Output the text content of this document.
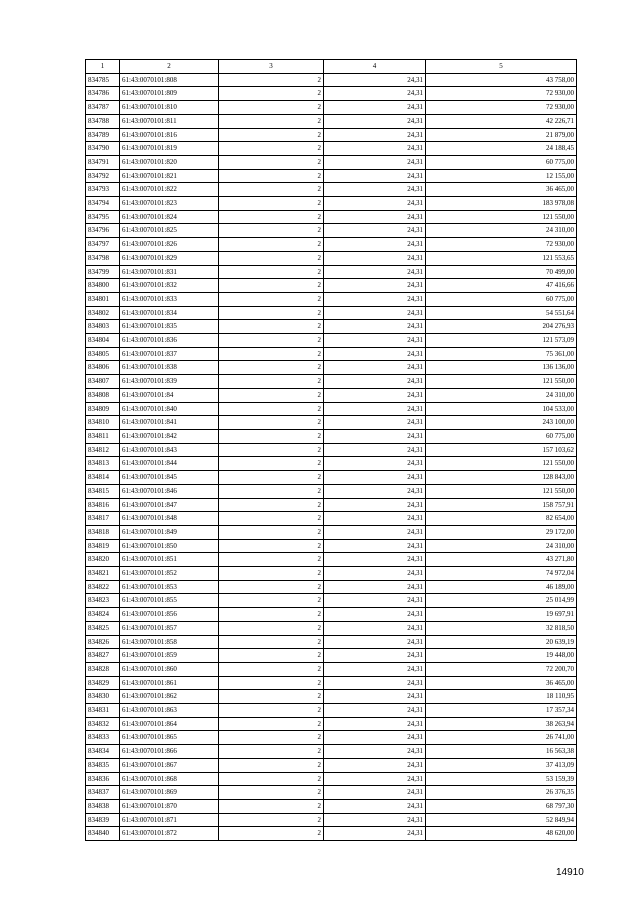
1	2	3	4	5
834785	61:43:0070101:808	2	24,31	43 758,00
834786	61:43:0070101:809	2	24,31	72 930,00
834787	61:43:0070101:810	2	24,31	72 930,00
834788	61:43:0070101:811	2	24,31	42 226,71
834789	61:43:0070101:816	2	24,31	21 879,00
834790	61:43:0070101:819	2	24,31	24 188,45
834791	61:43:0070101:820	2	24,31	60 775,00
834792	61:43:0070101:821	2	24,31	12 155,00
834793	61:43:0070101:822	2	24,31	36 465,00
834794	61:43:0070101:823	2	24,31	183 978,08
834795	61:43:0070101:824	2	24,31	121 550,00
834796	61:43:0070101:825	2	24,31	24 310,00
834797	61:43:0070101:826	2	24,31	72 930,00
834798	61:43:0070101:829	2	24,31	121 553,65
834799	61:43:0070101:831	2	24,31	70 499,00
834800	61:43:0070101:832	2	24,31	47 416,66
834801	61:43:0070101:833	2	24,31	60 775,00
834802	61:43:0070101:834	2	24,31	54 551,64
834803	61:43:0070101:835	2	24,31	204 276,93
834804	61:43:0070101:836	2	24,31	121 573,09
834805	61:43:0070101:837	2	24,31	75 361,00
834806	61:43:0070101:838	2	24,31	136 136,00
834807	61:43:0070101:839	2	24,31	121 550,00
834808	61:43:0070101:84	2	24,31	24 310,00
834809	61:43:0070101:840	2	24,31	104 533,00
834810	61:43:0070101:841	2	24,31	243 100,00
834811	61:43:0070101:842	2	24,31	60 775,00
834812	61:43:0070101:843	2	24,31	157 103,62
834813	61:43:0070101:844	2	24,31	121 550,00
834814	61:43:0070101:845	2	24,31	128 843,00
834815	61:43:0070101:846	2	24,31	121 550,00
834816	61:43:0070101:847	2	24,31	158 757,91
834817	61:43:0070101:848	2	24,31	82 654,00
834818	61:43:0070101:849	2	24,31	29 172,00
834819	61:43:0070101:850	2	24,31	24 310,00
834820	61:43:0070101:851	2	24,31	43 271,80
834821	61:43:0070101:852	2	24,31	74 972,04
834822	61:43:0070101:853	2	24,31	46 189,00
834823	61:43:0070101:855	2	24,31	25 014,99
834824	61:43:0070101:856	2	24,31	19 697,91
834825	61:43:0070101:857	2	24,31	32 818,50
834826	61:43:0070101:858	2	24,31	20 639,19
834827	61:43:0070101:859	2	24,31	19 448,00
834828	61:43:0070101:860	2	24,31	72 200,70
834829	61:43:0070101:861	2	24,31	36 465,00
834830	61:43:0070101:862	2	24,31	18 110,95
834831	61:43:0070101:863	2	24,31	17 357,34
834832	61:43:0070101:864	2	24,31	38 263,94
834833	61:43:0070101:865	2	24,31	26 741,00
834834	61:43:0070101:866	2	24,31	16 563,38
834835	61:43:0070101:867	2	24,31	37 413,09
834836	61:43:0070101:868	2	24,31	53 159,39
834837	61:43:0070101:869	2	24,31	26 376,35
834838	61:43:0070101:870	2	24,31	68 797,30
834839	61:43:0070101:871	2	24,31	52 849,94
834840	61:43:0070101:872	2	24,31	48 620,00
14910
